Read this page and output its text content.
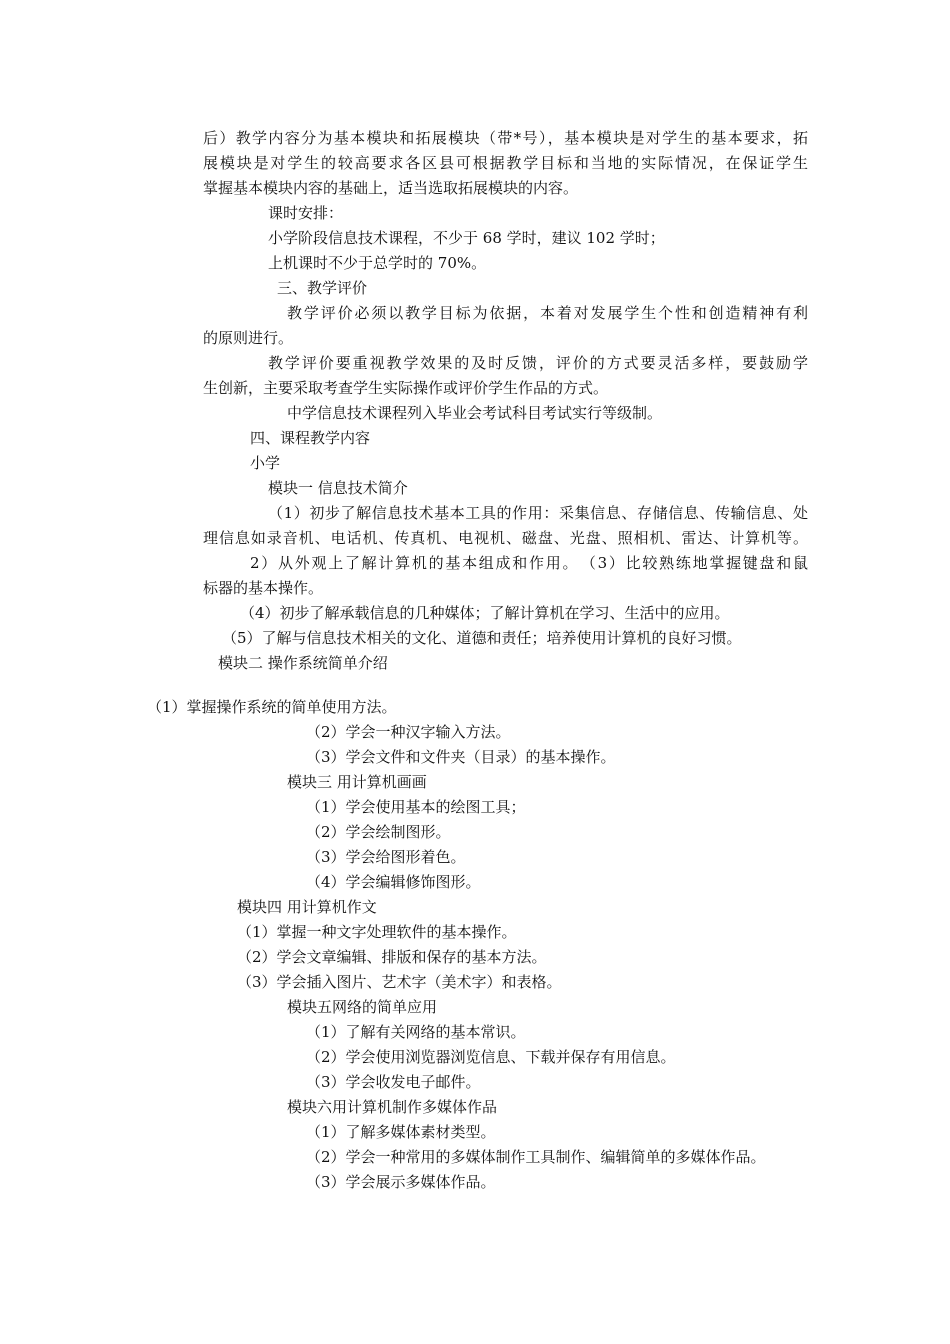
后）教学内容分为基本模块和拓展模块（带*号），基本模块是对学生的基本要求，拓
展模块是对学生的较高要求各区县可根据教学目标和当地的实际情况，在保证学生
掌握基本模块内容的基础上，适当选取拓展模块的内容。
课时安排：
小学阶段信息技术课程，不少于 68 学时，建议 102 学时；
上机课时不少于总学时的 70%。
三、教学评价
教学评价必须以教学目标为依据，本着对发展学生个性和创造精神有利
的原则进行。
教学评价要重视教学效果的及时反馈，评价的方式要灵活多样，要鼓励学
生创新，主要采取考查学生实际操作或评价学生作品的方式。
中学信息技术课程列入毕业会考试科目考试实行等级制。
四、课程教学内容
小学
模块一 信息技术简介
（1）初步了解信息技术基本工具的作用：采集信息、存储信息、传输信息、处
理信息如录音机、电话机、传真机、电视机、磁盘、光盘、照相机、雷达、计算机等。
2）从外观上了解计算机的基本组成和作用。　（3）比较熟练地掌握键盘和鼠
标器的基本操作。
（4）初步了解承载信息的几种媒体；了解计算机在学习、生活中的应用。
（5）了解与信息技术相关的文化、道德和责任；培养使用计算机的良好习惯。
模块二 操作系统简单介绍
（1）掌握操作系统的简单使用方法。
（2）学会一种汉字输入方法。
（3）学会文件和文件夹（目录）的基本操作。
模块三 用计算机画画
（1）学会使用基本的绘图工具；
（2）学会绘制图形。
（3）学会给图形着色。
（4）学会编辑修饰图形。
模块四 用计算机作文
（1）掌握一种文字处理软件的基本操作。
（2）学会文章编辑、排版和保存的基本方法。
（3）学会插入图片、艺术字（美术字）和表格。
模块五网络的简单应用
（1）了解有关网络的基本常识。
（2）学会使用浏览器浏览信息、下载并保存有用信息。
（3）学会收发电子邮件。
模块六用计算机制作多媒体作品
（1）了解多媒体素材类型。
（2）学会一种常用的多媒体制作工具制作、编辑简单的多媒体作品。
（3）学会展示多媒体作品。
